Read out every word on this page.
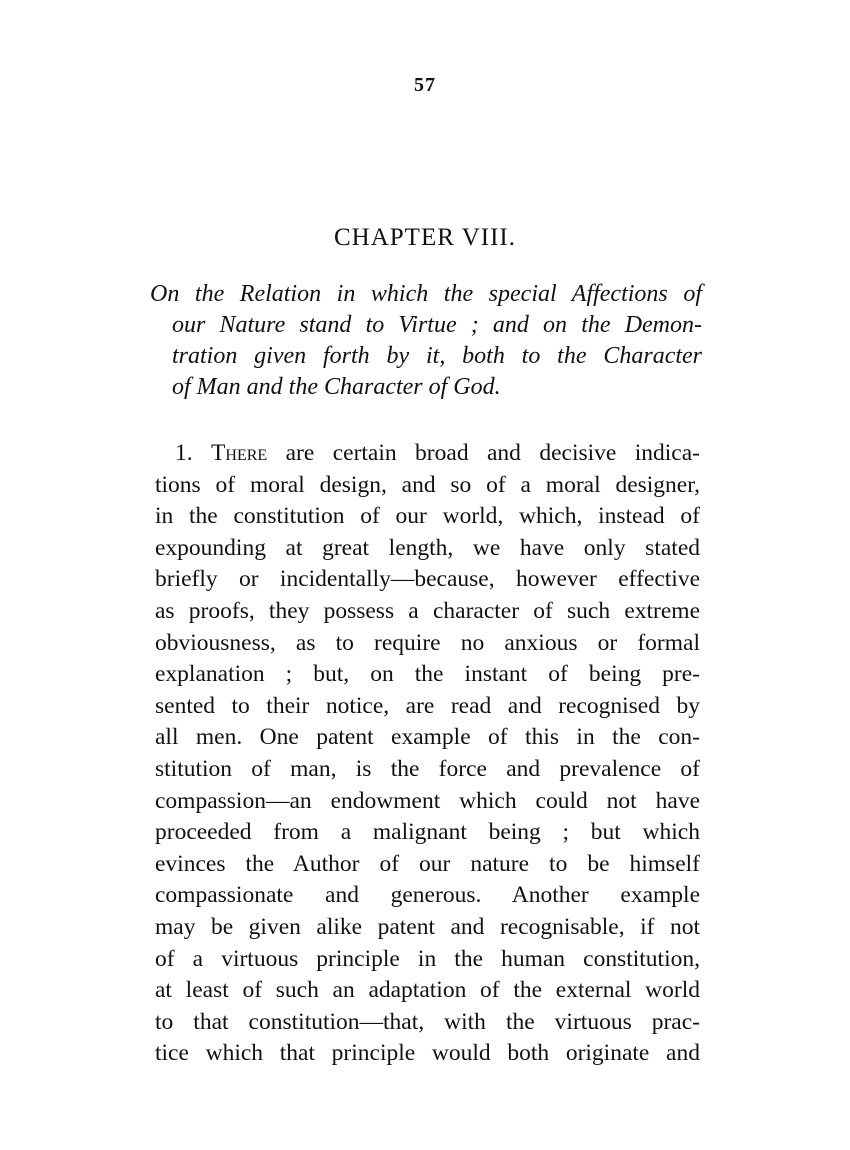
57
CHAPTER VIII.
On the Relation in which the special Affections of
our Nature stand to Virtue ; and on the Demon-
tration given forth by it, both to the Character
of Man and the Character of God.
1. There are certain broad and decisive indica-
tions of moral design, and so of a moral designer,
in the constitution of our world, which, instead of
expounding at great length, we have only stated
briefly or incidentally—because, however effective
as proofs, they possess a character of such extreme
obviousness, as to require no anxious or formal
explanation ; but, on the instant of being pre-
sented to their notice, are read and recognised by
all men. One patent example of this in the con-
stitution of man, is the force and prevalence of
compassion—an endowment which could not have
proceeded from a malignant being ; but which
evinces the Author of our nature to be himself
compassionate and generous. Another example
may be given alike patent and recognisable, if not
of a virtuous principle in the human constitution,
at least of such an adaptation of the external world
to that constitution—that, with the virtuous prac-
tice which that principle would both originate and
